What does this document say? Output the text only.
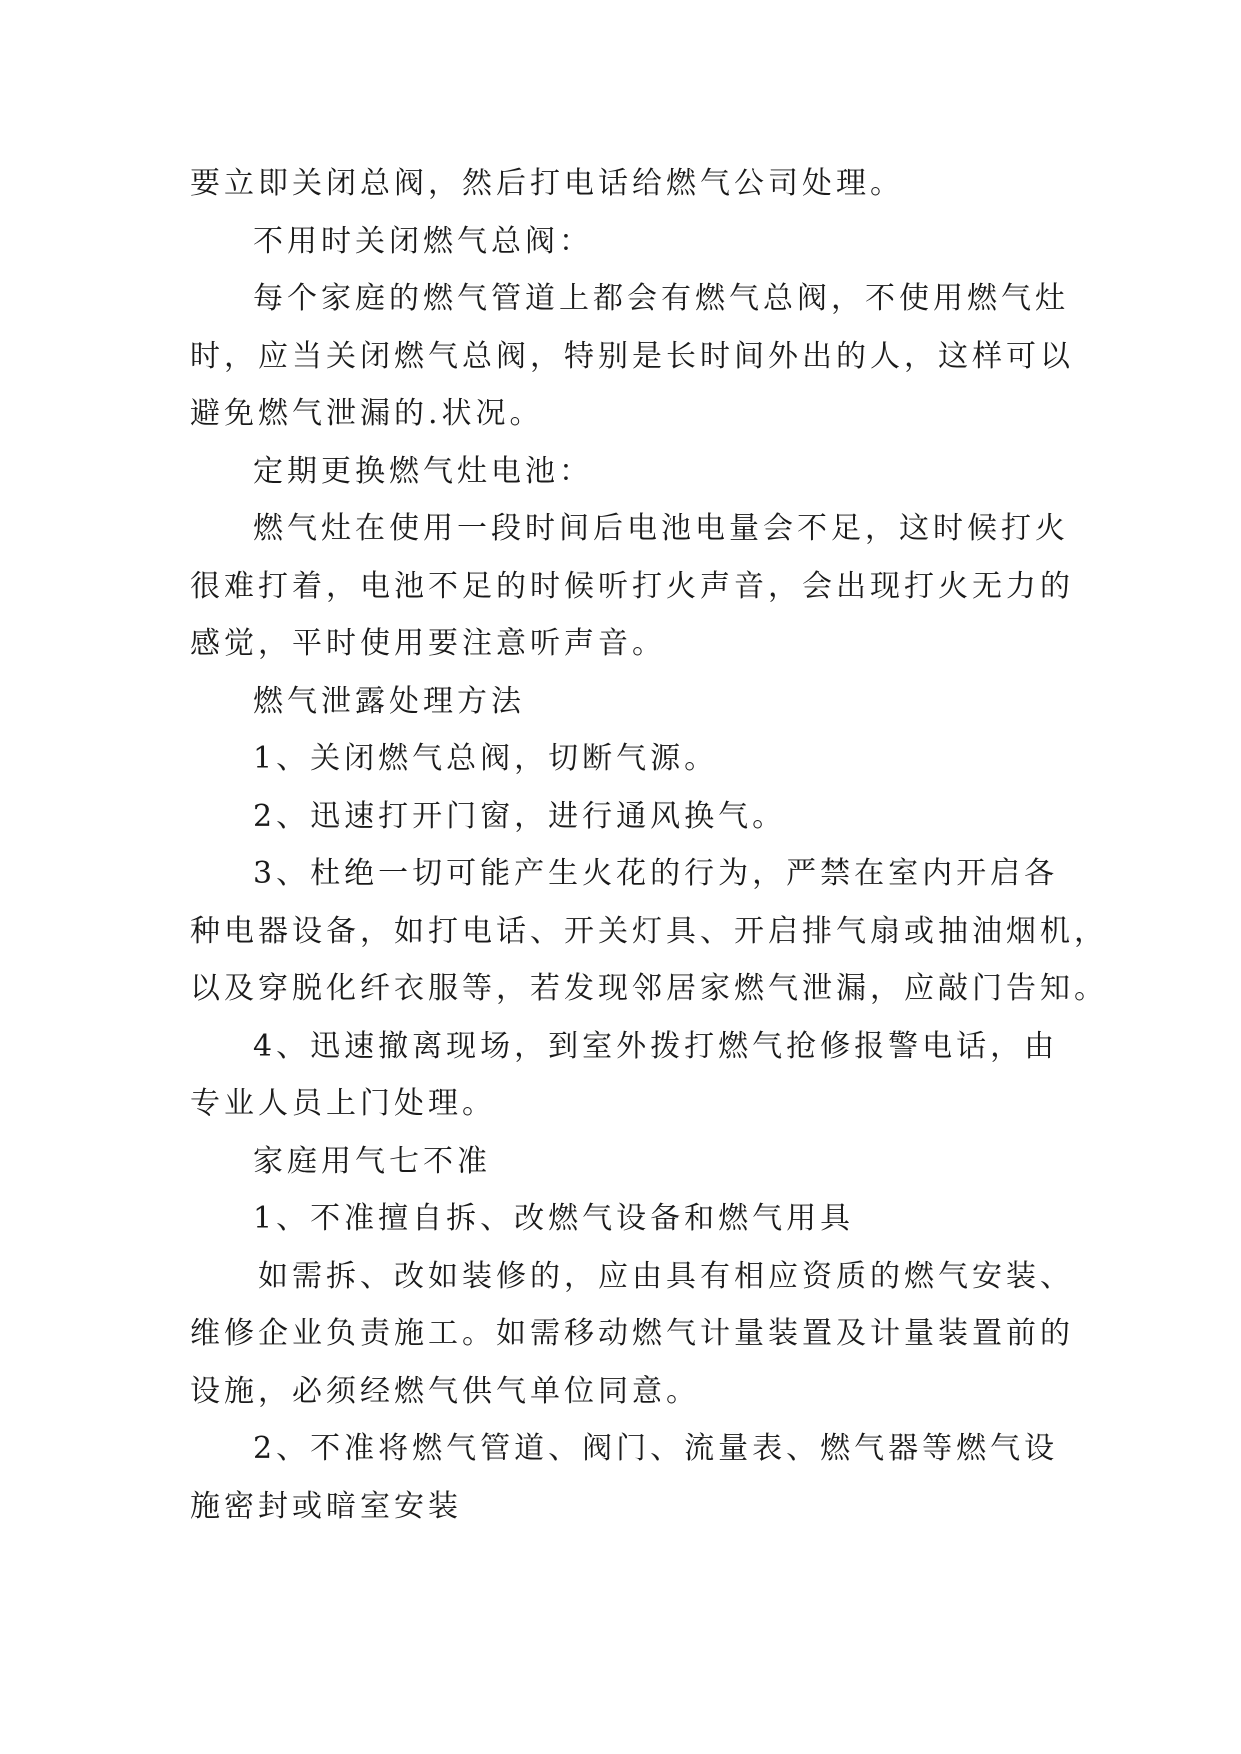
要立即关闭总阀，然后打电话给燃气公司处理。
不用时关闭燃气总阀：
每个家庭的燃气管道上都会有燃气总阀，不使用燃气灶
时，应当关闭燃气总阀，特别是长时间外出的人，这样可以
避免燃气泄漏的.状况。
定期更换燃气灶电池：
燃气灶在使用一段时间后电池电量会不足，这时候打火
很难打着，电池不足的时候听打火声音，会出现打火无力的
感觉，平时使用要注意听声音。
燃气泄露处理方法
1、关闭燃气总阀，切断气源。
2、迅速打开门窗，进行通风换气。
3、杜绝一切可能产生火花的行为，严禁在室内开启各
种电器设备，如打电话、开关灯具、开启排气扇或抽油烟机，
以及穿脱化纤衣服等，若发现邻居家燃气泄漏，应敲门告知。
4、迅速撤离现场，到室外拨打燃气抢修报警电话，由
专业人员上门处理。
家庭用气七不准
1、不准擅自拆、改燃气设备和燃气用具
如需拆、改如装修的，应由具有相应资质的燃气安装、
维修企业负责施工。如需移动燃气计量装置及计量装置前的
设施，必须经燃气供气单位同意。
2、不准将燃气管道、阀门、流量表、燃气器等燃气设
施密封或暗室安装
